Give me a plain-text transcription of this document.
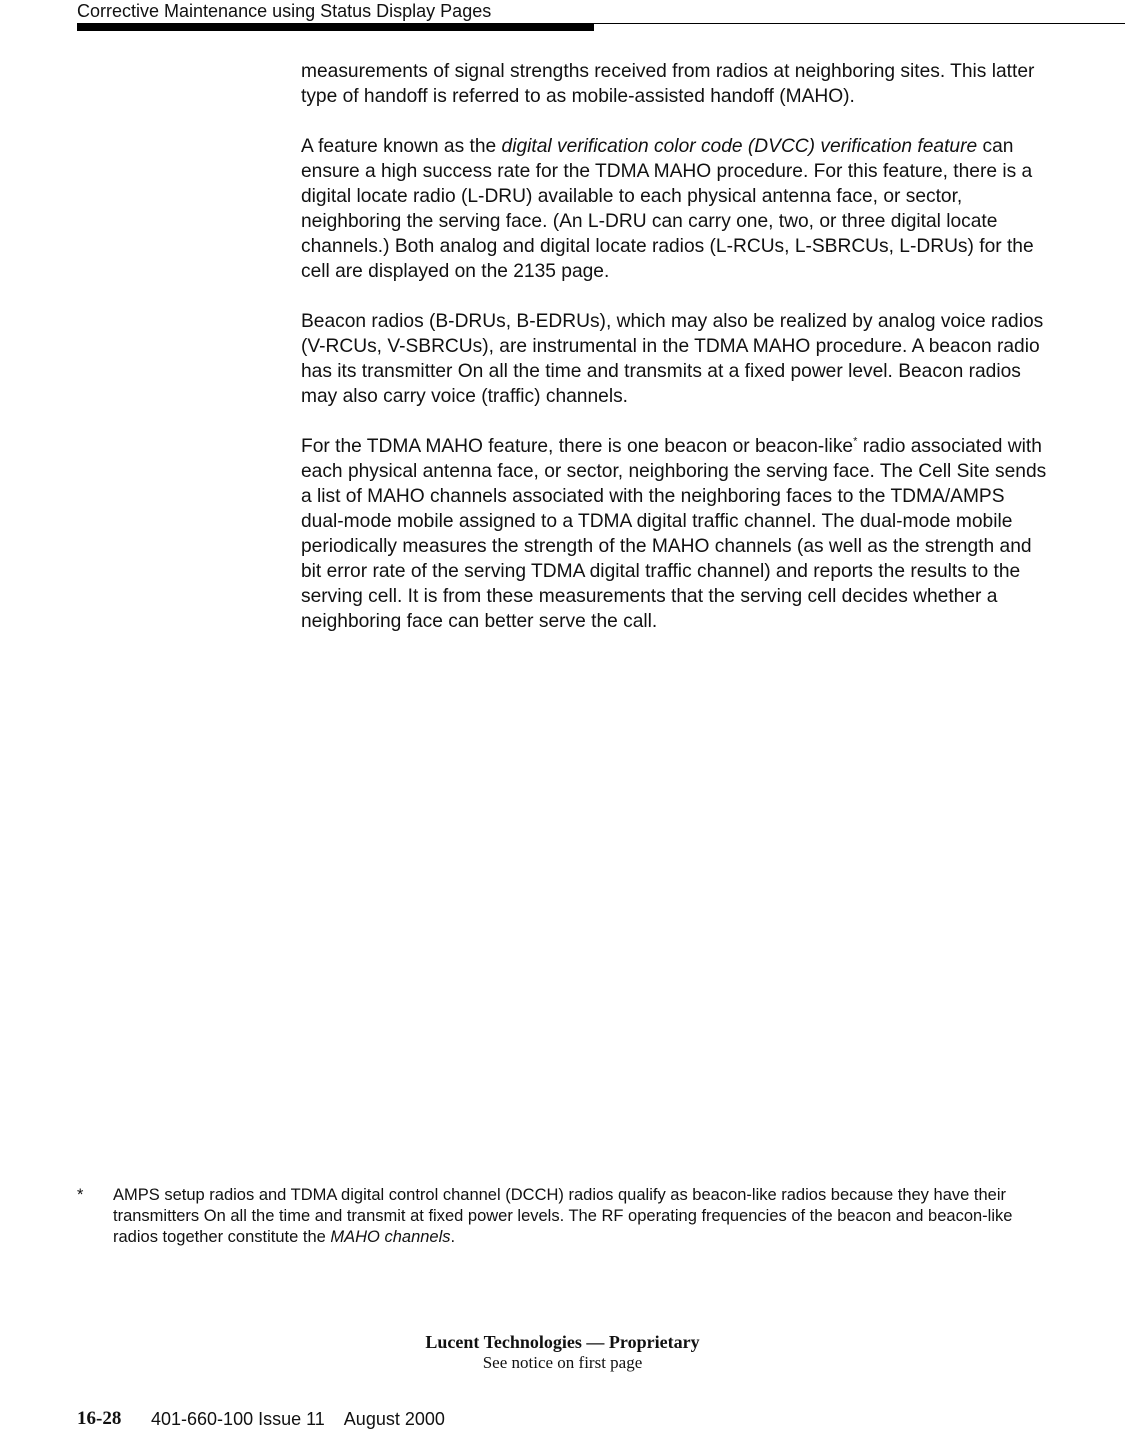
Corrective Maintenance using Status Display Pages

measurements of signal strengths received from radios at neighboring sites. This latter type of handoff is referred to as mobile-assisted handoff (MAHO).

A feature known as the digital verification color code (DVCC) verification feature can ensure a high success rate for the TDMA MAHO procedure. For this feature, there is a digital locate radio (L-DRU) available to each physical antenna face, or sector, neighboring the serving face. (An L-DRU can carry one, two, or three digital locate channels.) Both analog and digital locate radios (L-RCUs, L-SBRCUs, L-DRUs) for the cell are displayed on the 2135 page.

Beacon radios (B-DRUs, B-EDRUs), which may also be realized by analog voice radios (V-RCUs, V-SBRCUs), are instrumental in the TDMA MAHO procedure. A beacon radio has its transmitter On all the time and transmits at a fixed power level. Beacon radios may also carry voice (traffic) channels.

For the TDMA MAHO feature, there is one beacon or beacon-like* radio associated with each physical antenna face, or sector, neighboring the serving face. The Cell Site sends a list of MAHO channels associated with the neighboring faces to the TDMA/AMPS dual-mode mobile assigned to a TDMA digital traffic channel. The dual-mode mobile periodically measures the strength of the MAHO channels (as well as the strength and bit error rate of the serving TDMA digital traffic channel) and reports the results to the serving cell. It is from these measurements that the serving cell decides whether a neighboring face can better serve the call.

* AMPS setup radios and TDMA digital control channel (DCCH) radios qualify as beacon-like radios because they have their transmitters On all the time and transmit at fixed power levels. The RF operating frequencies of the beacon and beacon-like radios together constitute the MAHO channels.
Lucent Technologies — Proprietary
See notice on first page
16-28 401-660-100 Issue 11    August 2000
